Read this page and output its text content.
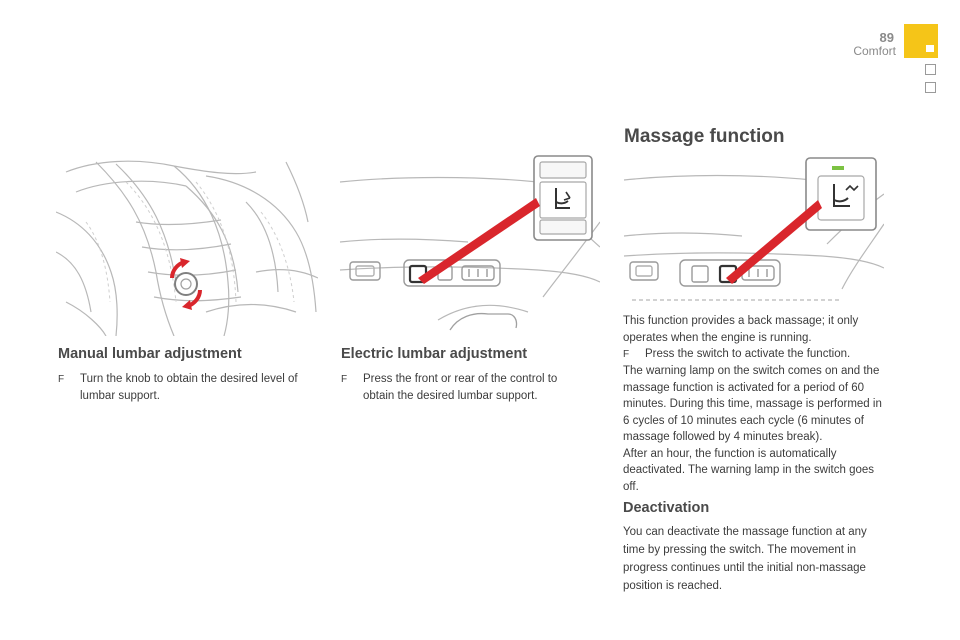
89
Comfort
Massage function
Manual lumbar adjustment
F	Turn the knob to obtain the desired level of lumbar support.
Electric lumbar adjustment
F	Press the front or rear of the control to obtain the desired lumbar support.

This function provides a back massage; it only operates when the engine is running.

F	Press the switch to activate the function.

The warning lamp on the switch comes on and the massage function is activated for a period of 60 minutes. During this time, massage is performed in 6 cycles of 10 minutes each cycle (6 minutes of massage followed by 4 minutes break).

After an hour, the function is automatically deactivated. The warning lamp in the switch goes off.

Deactivation

You can deactivate the massage function at any time by pressing the switch. The movement in progress continues until the initial non-massage position is reached.
